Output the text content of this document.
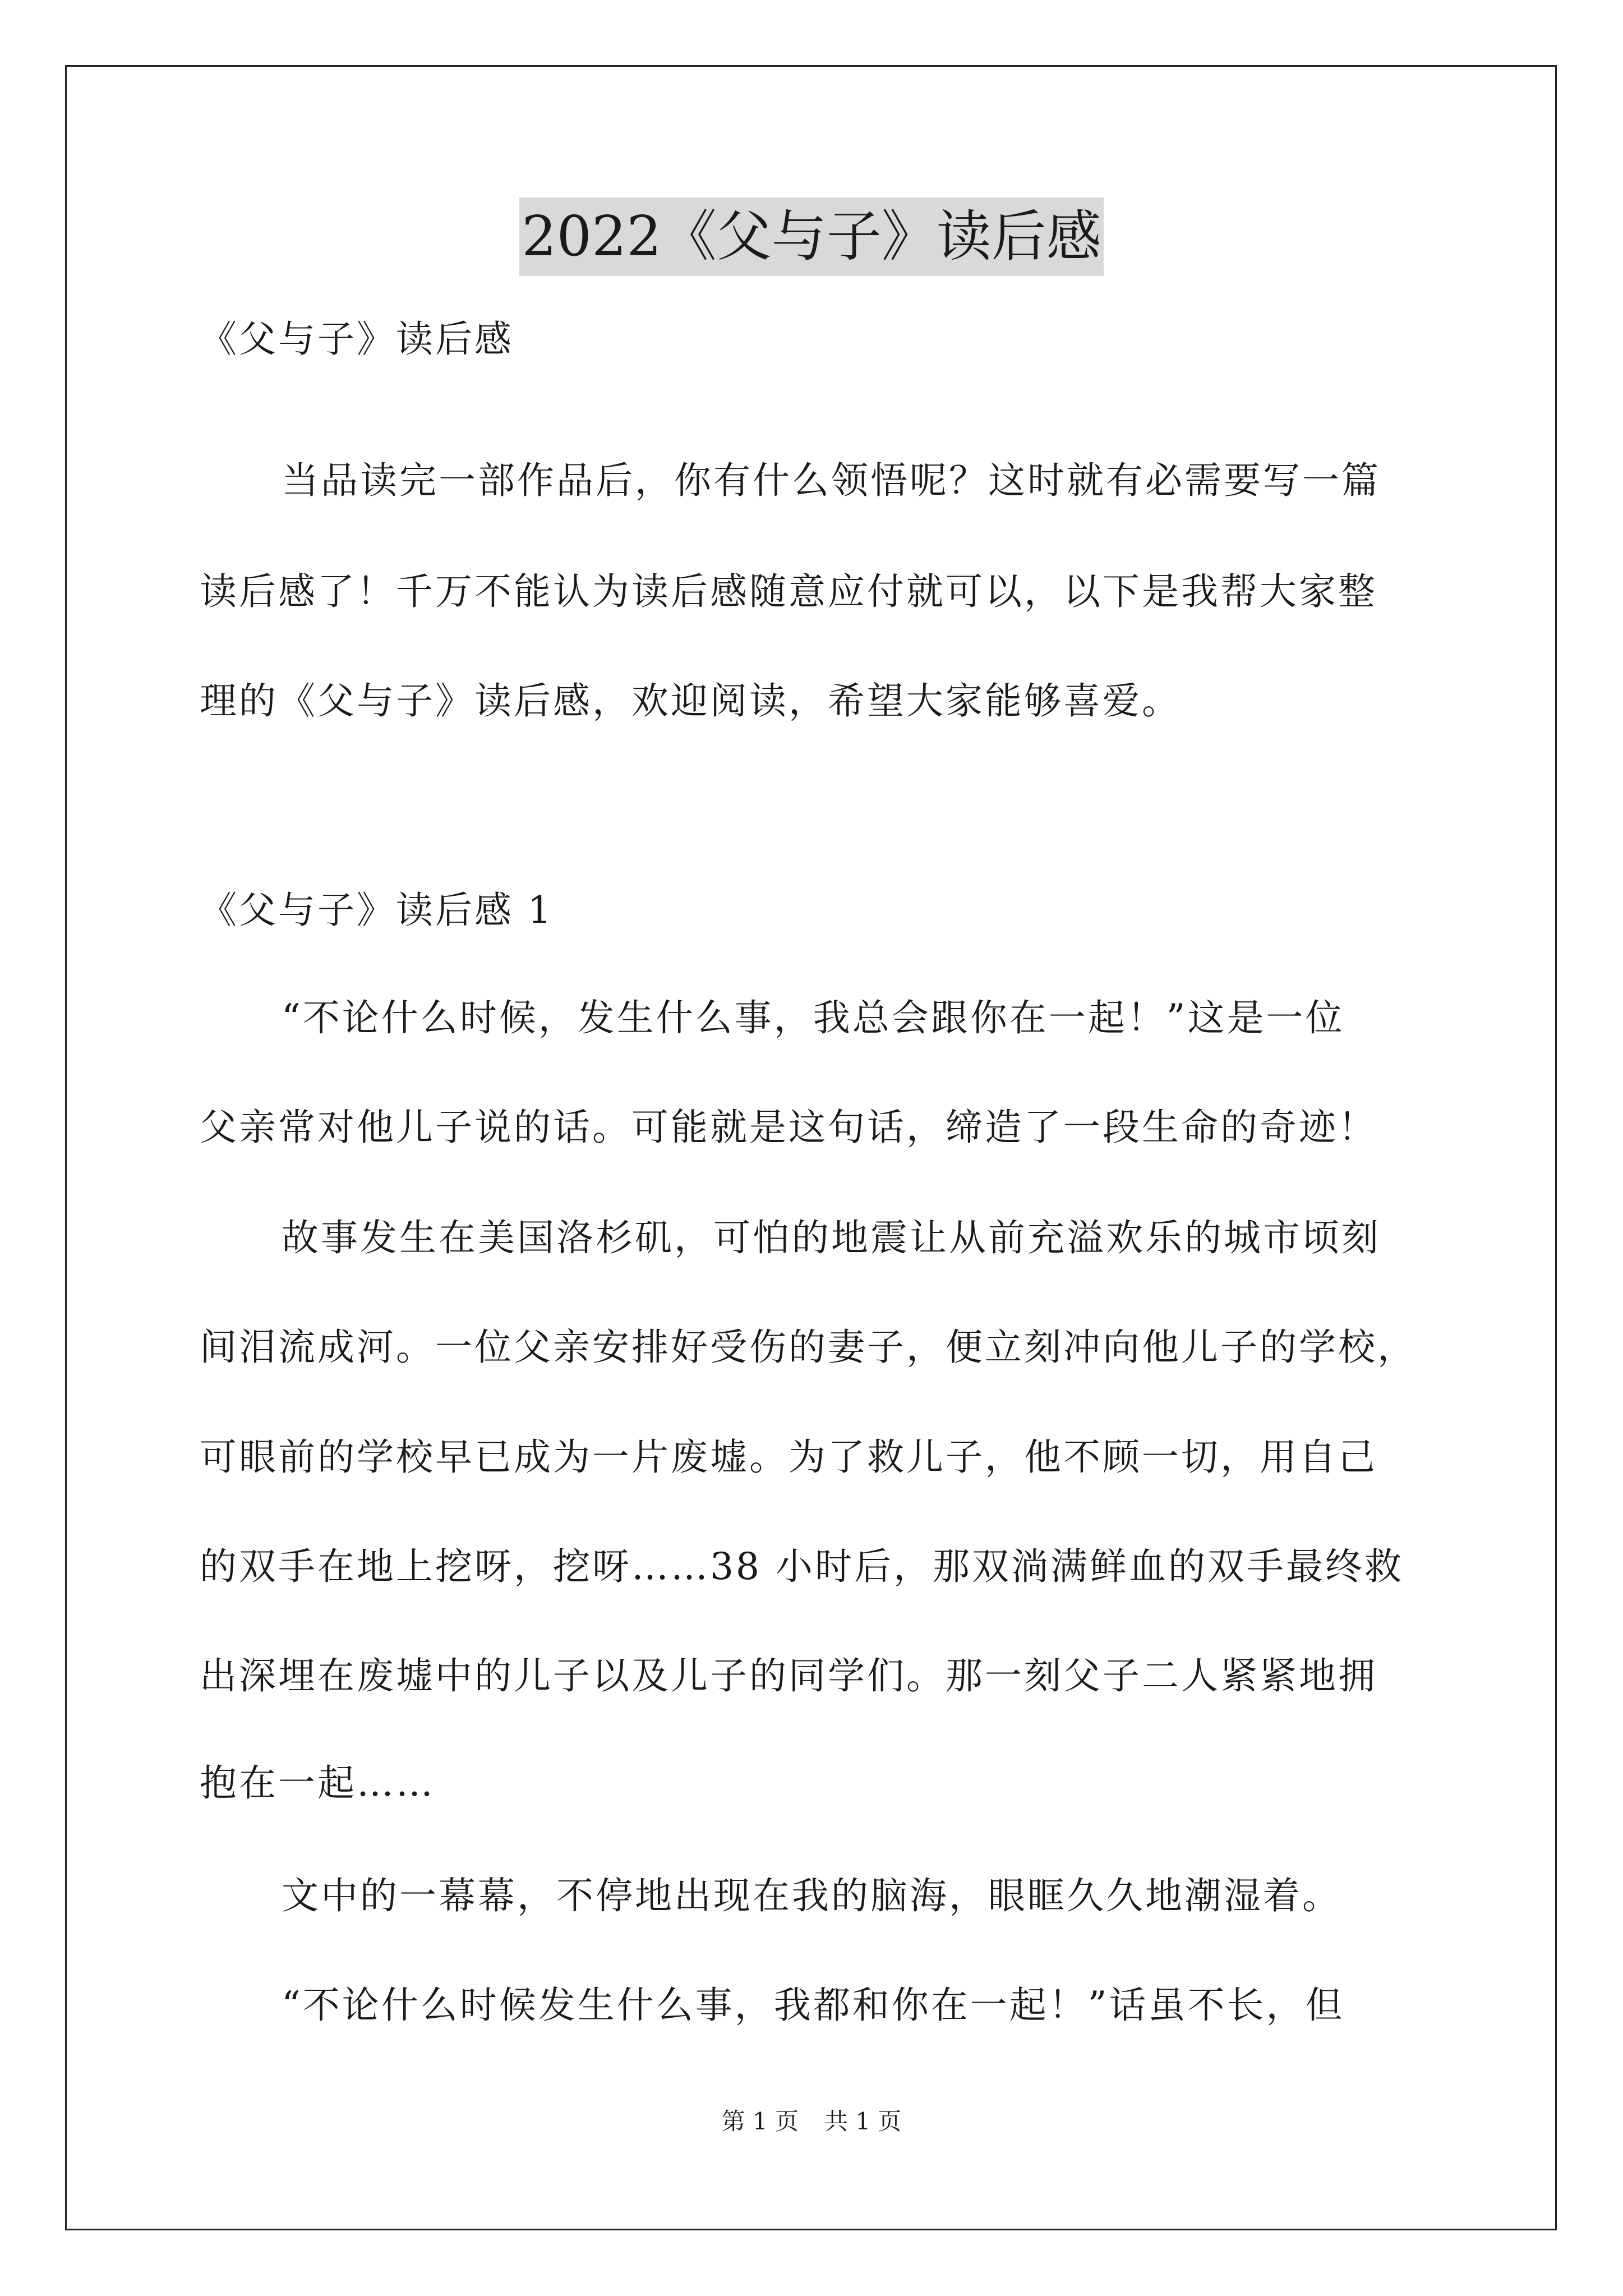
2022《父与子》读后感
《父与子》读后感
当品读完一部作品后，你有什么领悟呢？这时就有必需要写一篇
读后感了！千万不能认为读后感随意应付就可以，以下是我帮大家整
理的《父与子》读后感，欢迎阅读，希望大家能够喜爱。
《父与子》读后感 1
“不论什么时候，发生什么事，我总会跟你在一起！”这是一位
父亲常对他儿子说的话。可能就是这句话，缔造了一段生命的奇迹！
故事发生在美国洛杉矶，可怕的地震让从前充溢欢乐的城市顷刻
间泪流成河。一位父亲安排好受伤的妻子，便立刻冲向他儿子的学校，
可眼前的学校早已成为一片废墟。为了救儿子，他不顾一切，用自己
的双手在地上挖呀，挖呀……38 小时后，那双淌满鲜血的双手最终救
出深埋在废墟中的儿子以及儿子的同学们。那一刻父子二人紧紧地拥
抱在一起……
文中的一幕幕，不停地出现在我的脑海，眼眶久久地潮湿着。
“不论什么时候发生什么事，我都和你在一起！”话虽不长，但
第 1 页 共 1 页
